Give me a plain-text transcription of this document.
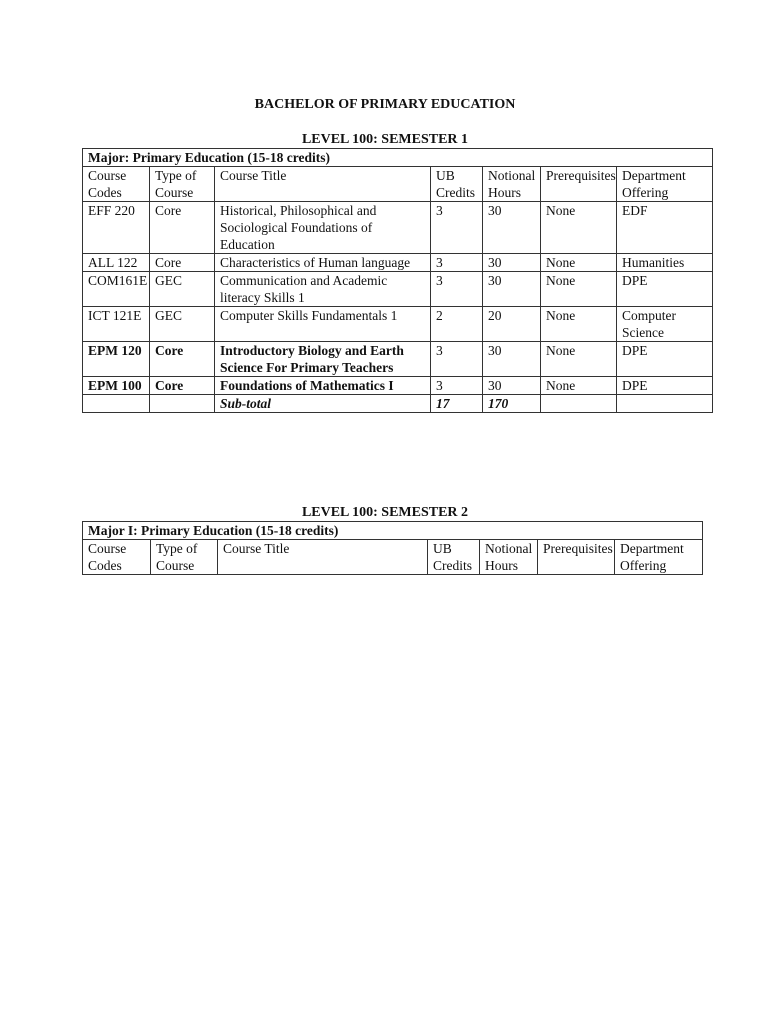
BACHELOR OF PRIMARY EDUCATION
LEVEL 100: SEMESTER 1
Major: Primary Education (15-18 credits)						
Course Codes	Type of Course	Course Title	UB Credits	Notional Hours	Prerequisites	Department Offering
EFF 220	Core	Historical, Philosophical and Sociological Foundations of Education	3	30	None	EDF
ALL 122	Core	Characteristics of Human language	3	30	None	Humanities
COM161E	GEC	Communication and Academic literacy Skills 1	3	30	None	DPE
ICT 121E	GEC	Computer Skills Fundamentals 1	2	20	None	Computer Science
EPM 120	Core	Introductory Biology and Earth Science For Primary Teachers	3	30	None	DPE
EPM 100	Core	Foundations of Mathematics I	3	30	None	DPE
		Sub-total	17	170		
LEVEL 100: SEMESTER 2
Major I: Primary Education (15-18 credits)
Course Codes	Type of Course	Course Title	UB Credits	Notional Hours	Prerequisites	Department Offering
